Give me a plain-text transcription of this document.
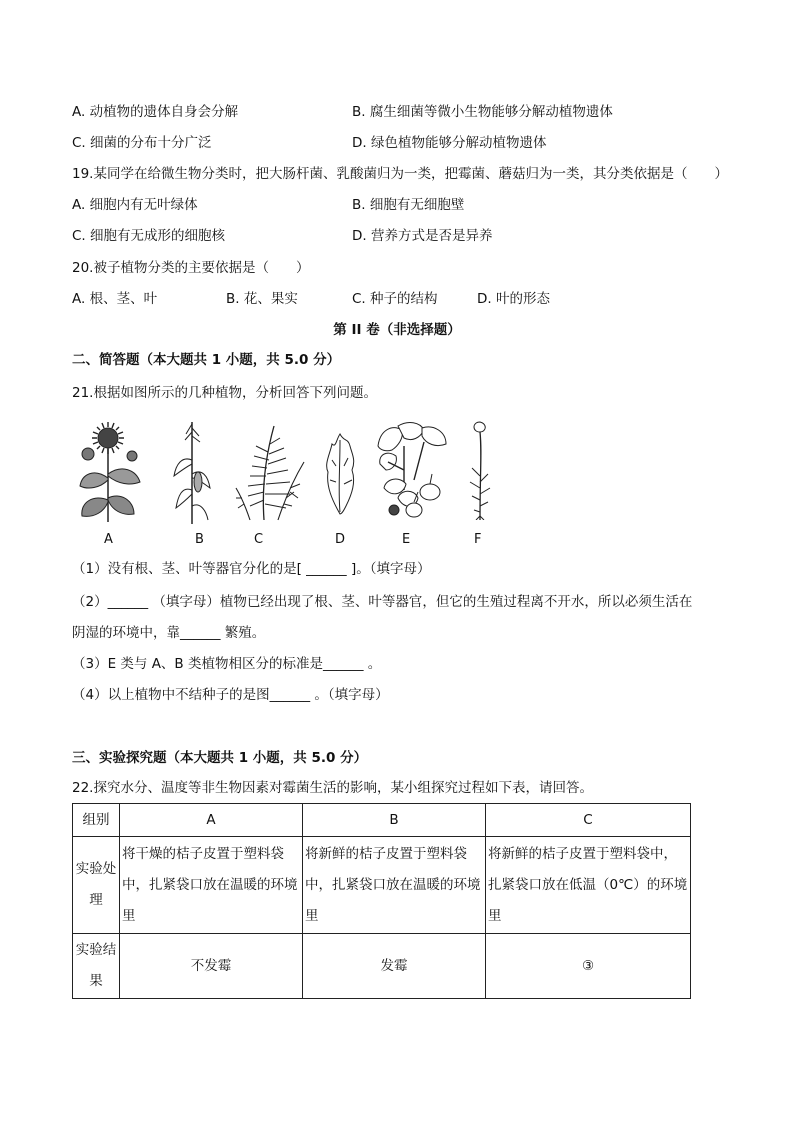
A. 动植物的遗体自身会分解	B. 腐生细菌等微小生物能够分解动植物遗体
C. 细菌的分布十分广泛	D. 绿色植物能够分解动植物遗体
19.某同学在给微生物分类时，把大肠杆菌、乳酸菌归为一类，把霉菌、蘑菇归为一类，其分类依据是（　　）
A. 细胞内有无叶绿体	B. 细胞有无细胞壁
C. 细胞有无成形的细胞核	D. 营养方式是否是异养
20.被子植物分类的主要依据是（　　）
A. 根、茎、叶	B. 花、果实	C. 种子的结构	D. 叶的形态
第 II 卷（非选择题）
二、简答题（本大题共 1 小题，共 5.0 分）
21.根据如图所示的几种植物，分析回答下列问题。
A	B	C	D	E	F
（1）没有根、茎、叶等器官分化的是[ ______ ]。（填字母）
（2）______ （填字母）植物已经出现了根、茎、叶等器官，但它的生殖过程离不开水，所以必须生活在
阴湿的环境中，靠______ 繁殖。
（3）E 类与 A、B 类植物相区分的标准是______ 。
（4）以上植物中不结种子的是图______ 。（填字母）
三、实验探究题（本大题共 1 小题，共 5.0 分）
22.探究水分、温度等非生物因素对霉菌生活的影响，某小组探究过程如下表，请回答。
组别	A	B	C
实验处理	将干燥的桔子皮置于塑料袋中，扎紧袋口放在温暖的环境里	将新鲜的桔子皮置于塑料袋中，扎紧袋口放在温暖的环境里	将新鲜的桔子皮置于塑料袋中，扎紧袋口放在低温（0℃）的环境里
实验结果	不发霉	发霉	③
